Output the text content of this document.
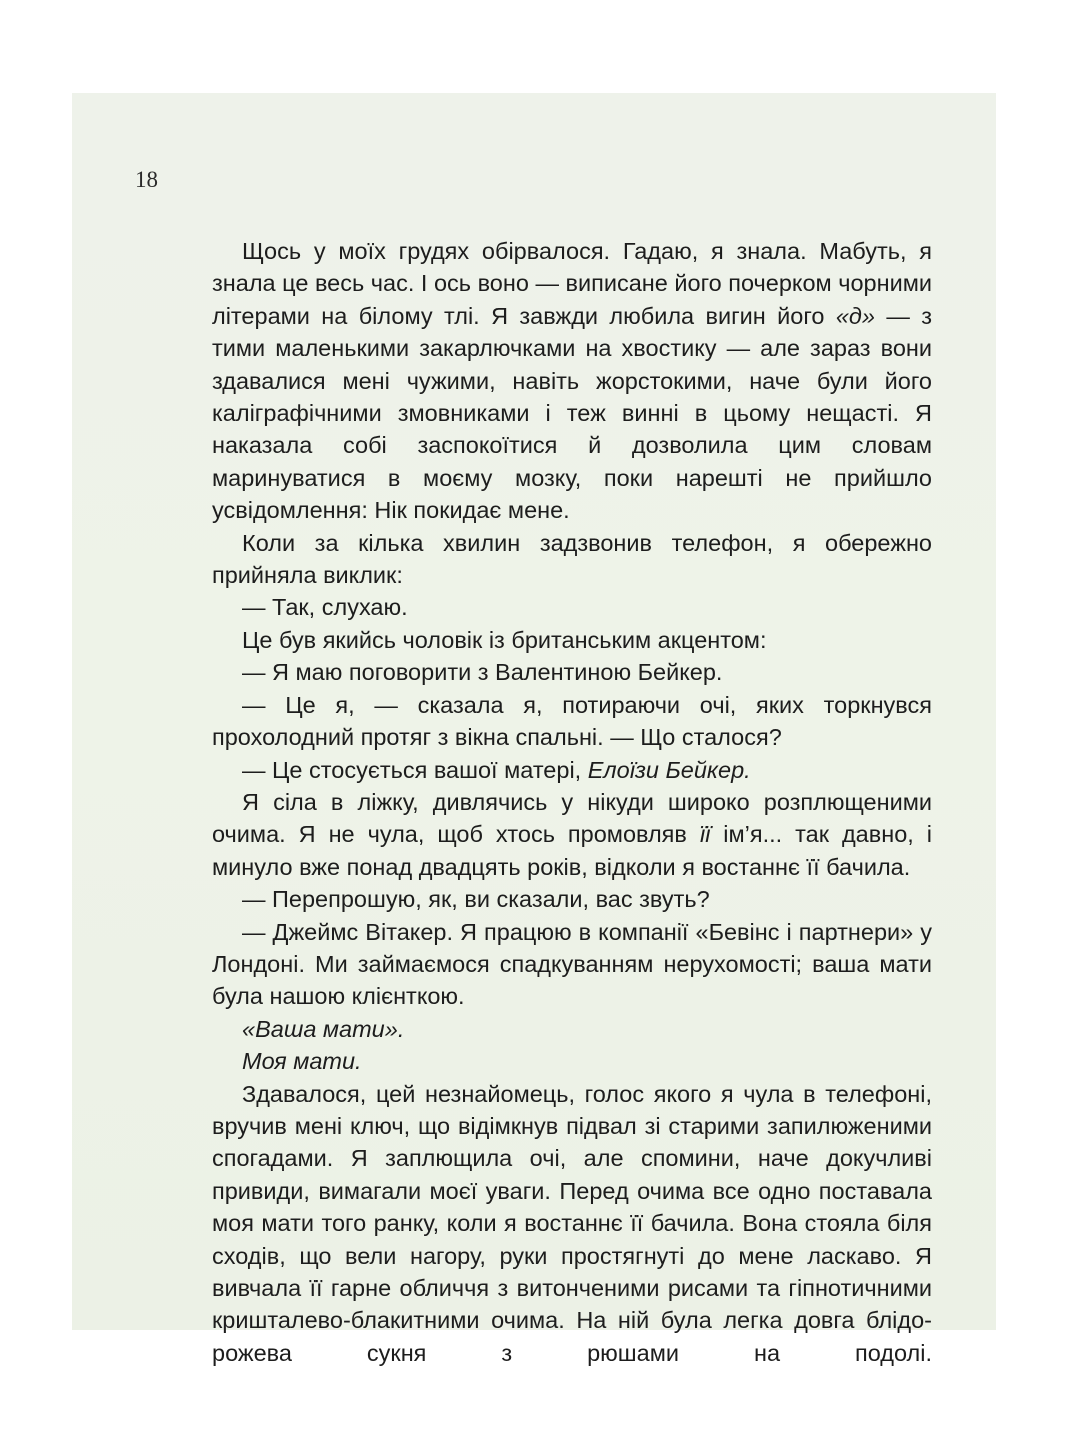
18

Щось у моїх грудях обірвалося. Гадаю, я знала. Мабуть, я знала це весь час. І ось воно — виписане його почерком чорними літерами на білому тлі. Я завжди любила вигин його «д» — з тими маленькими закарлючками на хвостику — але зараз вони здавалися мені чужими, навіть жорстокими, наче були його каліграфічними змовниками і теж винні в цьому нещасті. Я наказала собі заспокоїтися й дозволила цим словам маринуватися в моєму мозку, поки нарешті не прийшло усвідомлення: Нік покидає мене.

Коли за кілька хвилин задзвонив телефон, я обережно прийняла виклик:

— Так, слухаю.

Це був якийсь чоловік із британським акцентом:

— Я маю поговорити з Валентиною Бейкер.

— Це я, — сказала я, потираючи очі, яких торкнувся прохолодний протяг з вікна спальні. — Що сталося?

— Це стосується вашої матері, Елоїзи Бейкер.

Я сіла в ліжку, дивлячись у нікуди широко розплющеними очима. Я не чула, щоб хтось промовляв її ім’я... так давно, і минуло вже понад двадцять років, відколи я востаннє її бачила.

— Перепрошую, як, ви сказали, вас звуть?

— Джеймс Вітакер. Я працюю в компанії «Бевінс і партнери» у Лондоні. Ми займаємося спадкуванням нерухомості; ваша мати була нашою клієнткою.

«Ваша мати».

Моя мати.

Здавалося, цей незнайомець, голос якого я чула в телефоні, вручив мені ключ, що відімкнув підвал зі старими запилюженими спогадами. Я заплющила очі, але спомини, наче докучливі привиди, вимагали моєї уваги. Перед очима все одно поставала моя мати того ранку, коли я востаннє її бачила. Вона стояла біля сходів, що вели нагору, руки простягнуті до мене ласкаво. Я вивчала її гарне обличчя з витонченими рисами та гіпнотичними кришталево-блакитними очима. На ній була легка довга блідо-рожева сукня з рюшами на подолі.
